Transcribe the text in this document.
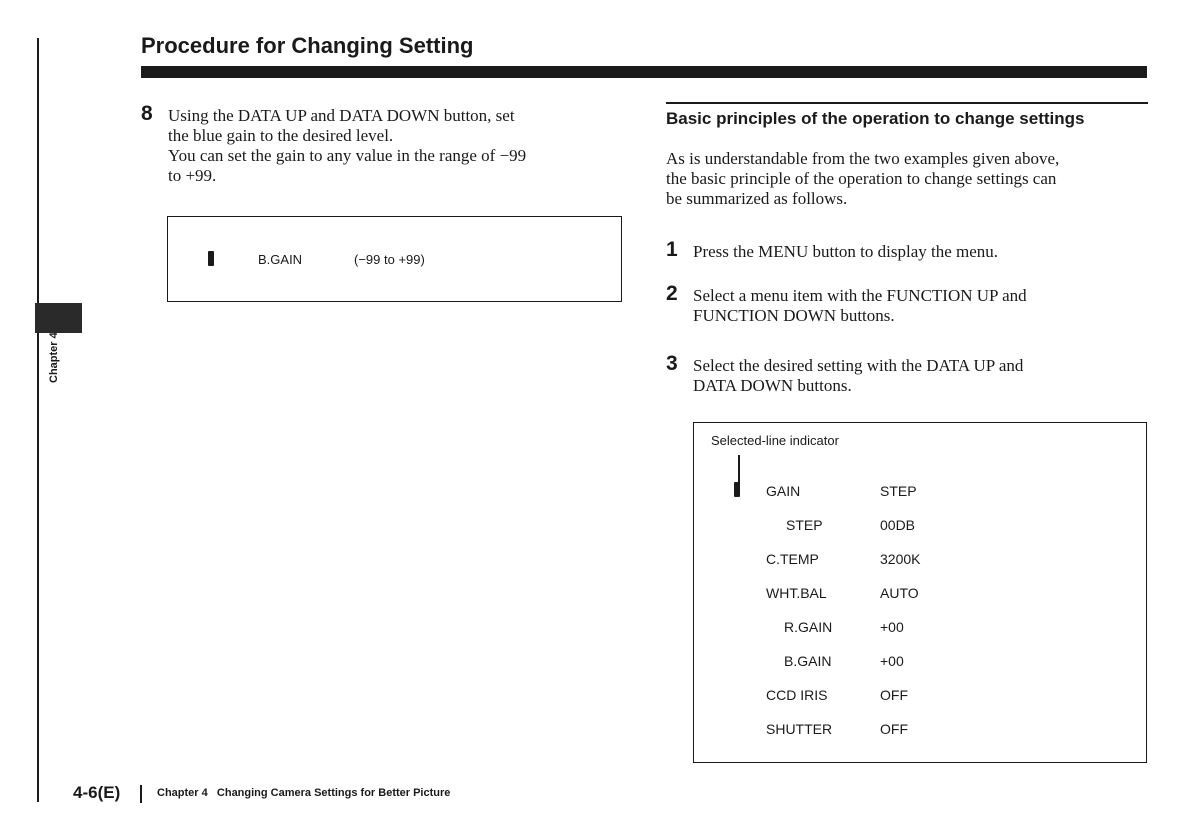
Chapter 4
Procedure for Changing Setting
8 Using the DATA UP and DATA DOWN button, set
the blue gain to the desired level.
You can set the gain to any value in the range of −99
to +99.
B.GAIN	(−99 to +99)
Basic principles of the operation to change settings
As is understandable from the two examples given above,
the basic principle of the operation to change settings can
be summarized as follows.
1 Press the MENU button to display the menu.
2 Select a menu item with the FUNCTION UP and
FUNCTION DOWN buttons.
3 Select the desired setting with the DATA UP and
DATA DOWN buttons.
Selected-line indicator
GAIN	STEP
STEP	00DB
C.TEMP	3200K
WHT.BAL	AUTO
R.GAIN	+00
B.GAIN	+00
CCD IRIS	OFF
SHUTTER	OFF
4-6(E)	Chapter 4   Changing Camera Settings for Better Picture
